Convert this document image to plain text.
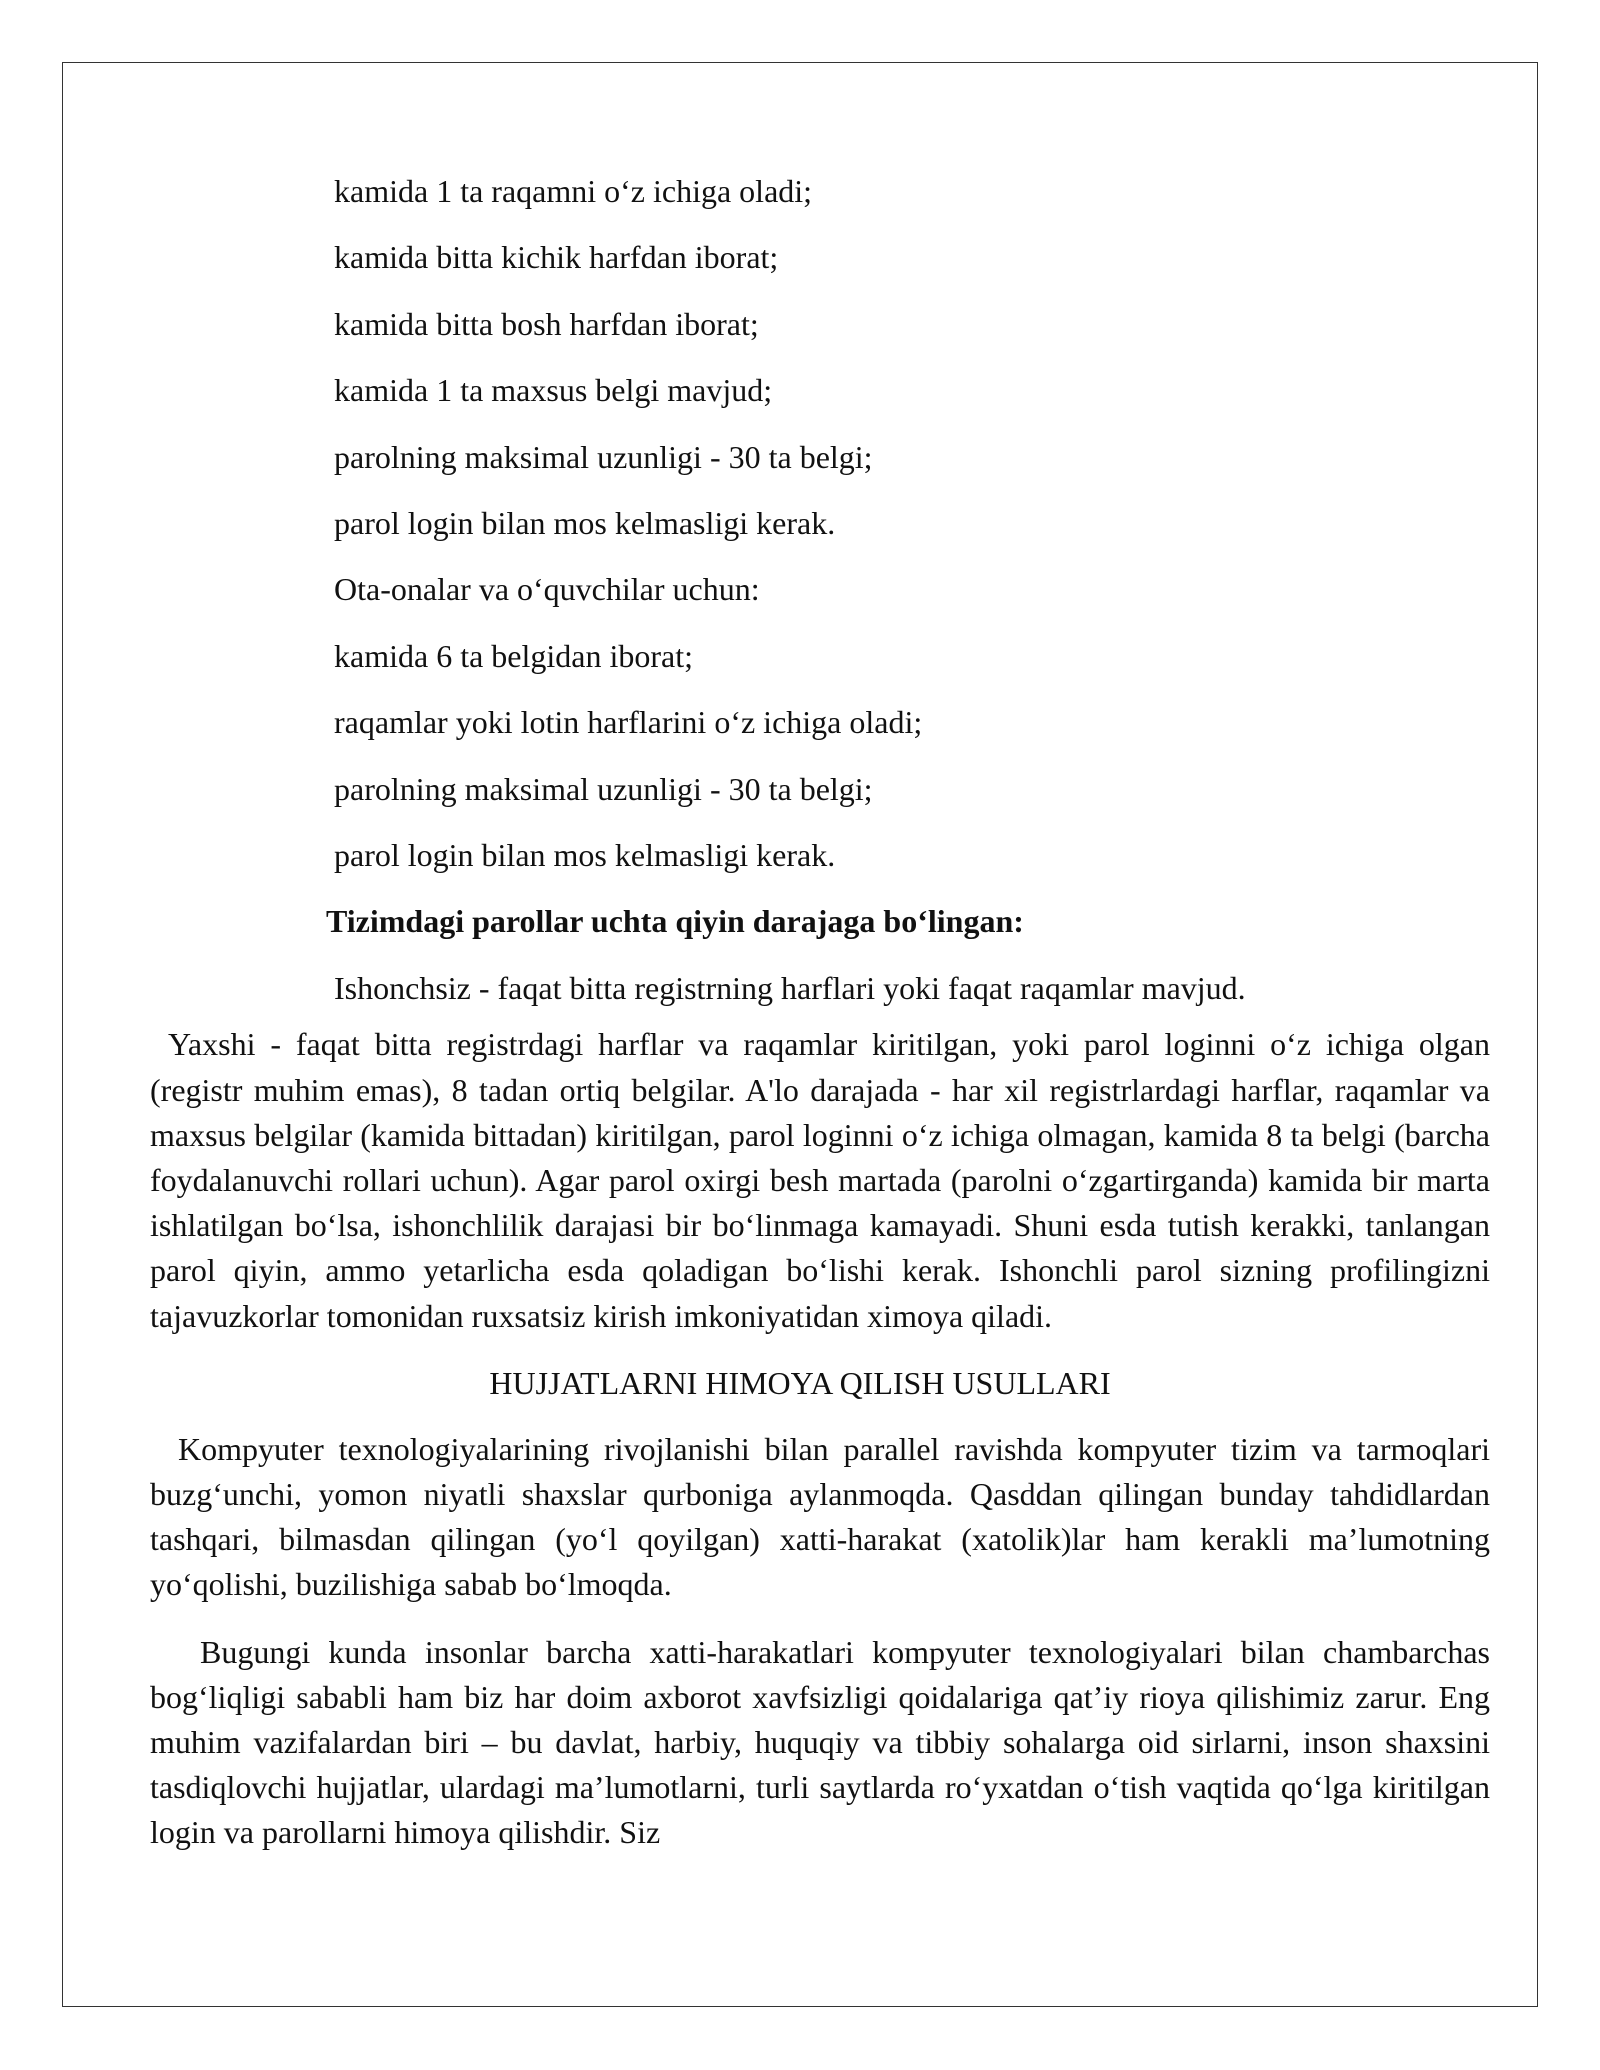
kamida 1 ta raqamni o‘z ichiga oladi;
kamida bitta kichik harfdan iborat;
kamida bitta bosh harfdan iborat;
kamida 1 ta maxsus belgi mavjud;
parolning maksimal uzunligi - 30 ta belgi;
parol login bilan mos kelmasligi kerak.
Ota-onalar va o‘quvchilar uchun:
kamida 6 ta belgidan iborat;
raqamlar yoki lotin harflarini o‘z ichiga oladi;
parolning maksimal uzunligi - 30 ta belgi;
parol login bilan mos kelmasligi kerak.
Tizimdagi parollar uchta qiyin darajaga bo‘lingan:
Ishonchsiz - faqat bitta registrning harflari yoki faqat raqamlar mavjud.

Yaxshi - faqat bitta registrdagi harflar va raqamlar kiritilgan, yoki parol loginni o‘z ichiga olgan (registr muhim emas), 8 tadan ortiq belgilar. A'lo darajada - har xil registrlardagi harflar, raqamlar va maxsus belgilar (kamida bittadan) kiritilgan, parol loginni o‘z ichiga olmagan, kamida 8 ta belgi (barcha foydalanuvchi rollari uchun). Agar parol oxirgi besh martada (parolni o‘zgartirganda) kamida bir marta ishlatilgan bo‘lsa, ishonchlilik darajasi bir bo‘linmaga kamayadi. Shuni esda tutish kerakki, tanlangan parol qiyin, ammo yetarlicha esda qoladigan bo‘lishi kerak. Ishonchli parol sizning profilingizni tajavuzkorlar tomonidan ruxsatsiz kirish imkoniyatidan ximoya qiladi.

HUJJATLARNI HIMOYA QILISH USULLARI

Kompyuter texnologiyalarining rivojlanishi bilan parallel ravishda kompyuter tizim va tarmoqlari buzg‘unchi, yomon niyatli shaxslar qurboniga aylanmoqda. Qasddan qilingan bunday tahdidlardan tashqari, bilmasdan qilingan (yo‘l qoyilgan) xatti-harakat (xatolik)lar ham kerakli ma’lumotning yo‘qolishi, buzilishiga sabab bo‘lmoqda.

Bugungi kunda insonlar barcha xatti-harakatlari kompyuter texnologiyalari bilan chambarchas bog‘liqligi sababli ham biz har doim axborot xavfsizligi qoidalariga qat’iy rioya qilishimiz zarur. Eng muhim vazifalardan biri – bu davlat, harbiy, huquqiy va tibbiy sohalarga oid sirlarni, inson shaxsini tasdiqlovchi hujjatlar, ulardagi ma’lumotlarni, turli saytlarda ro‘yxatdan o‘tish vaqtida qo‘lga kiritilgan login va parollarni himoya qilishdir. Siz
